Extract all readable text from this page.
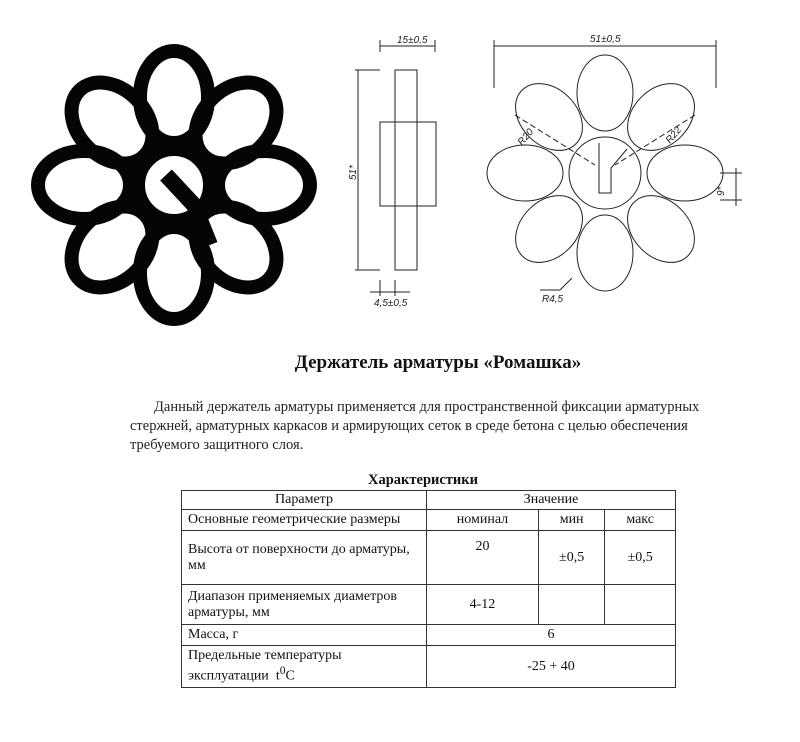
15±0,5
51*
4,5±0,5
51±0,5
R20	R22
9*
R4,5
Держатель арматуры «Ромашка»
Данный держатель арматуры применяется для пространственной фиксации арматурных стержней, арматурных каркасов и армирующих сеток в среде бетона с целью обеспечения требуемого защитного слоя.
Характеристики
Параметр	Значение		
Основные геометрические размеры	номинал	мин	макс
Высота от поверхности до арматуры, мм	20	±0,5	±0,5
Диапазон применяемых диаметров арматуры, мм	4-12		
Масса, г	6		
Предельные температуры эксплуатации $t^0C$	-25 + 40		
